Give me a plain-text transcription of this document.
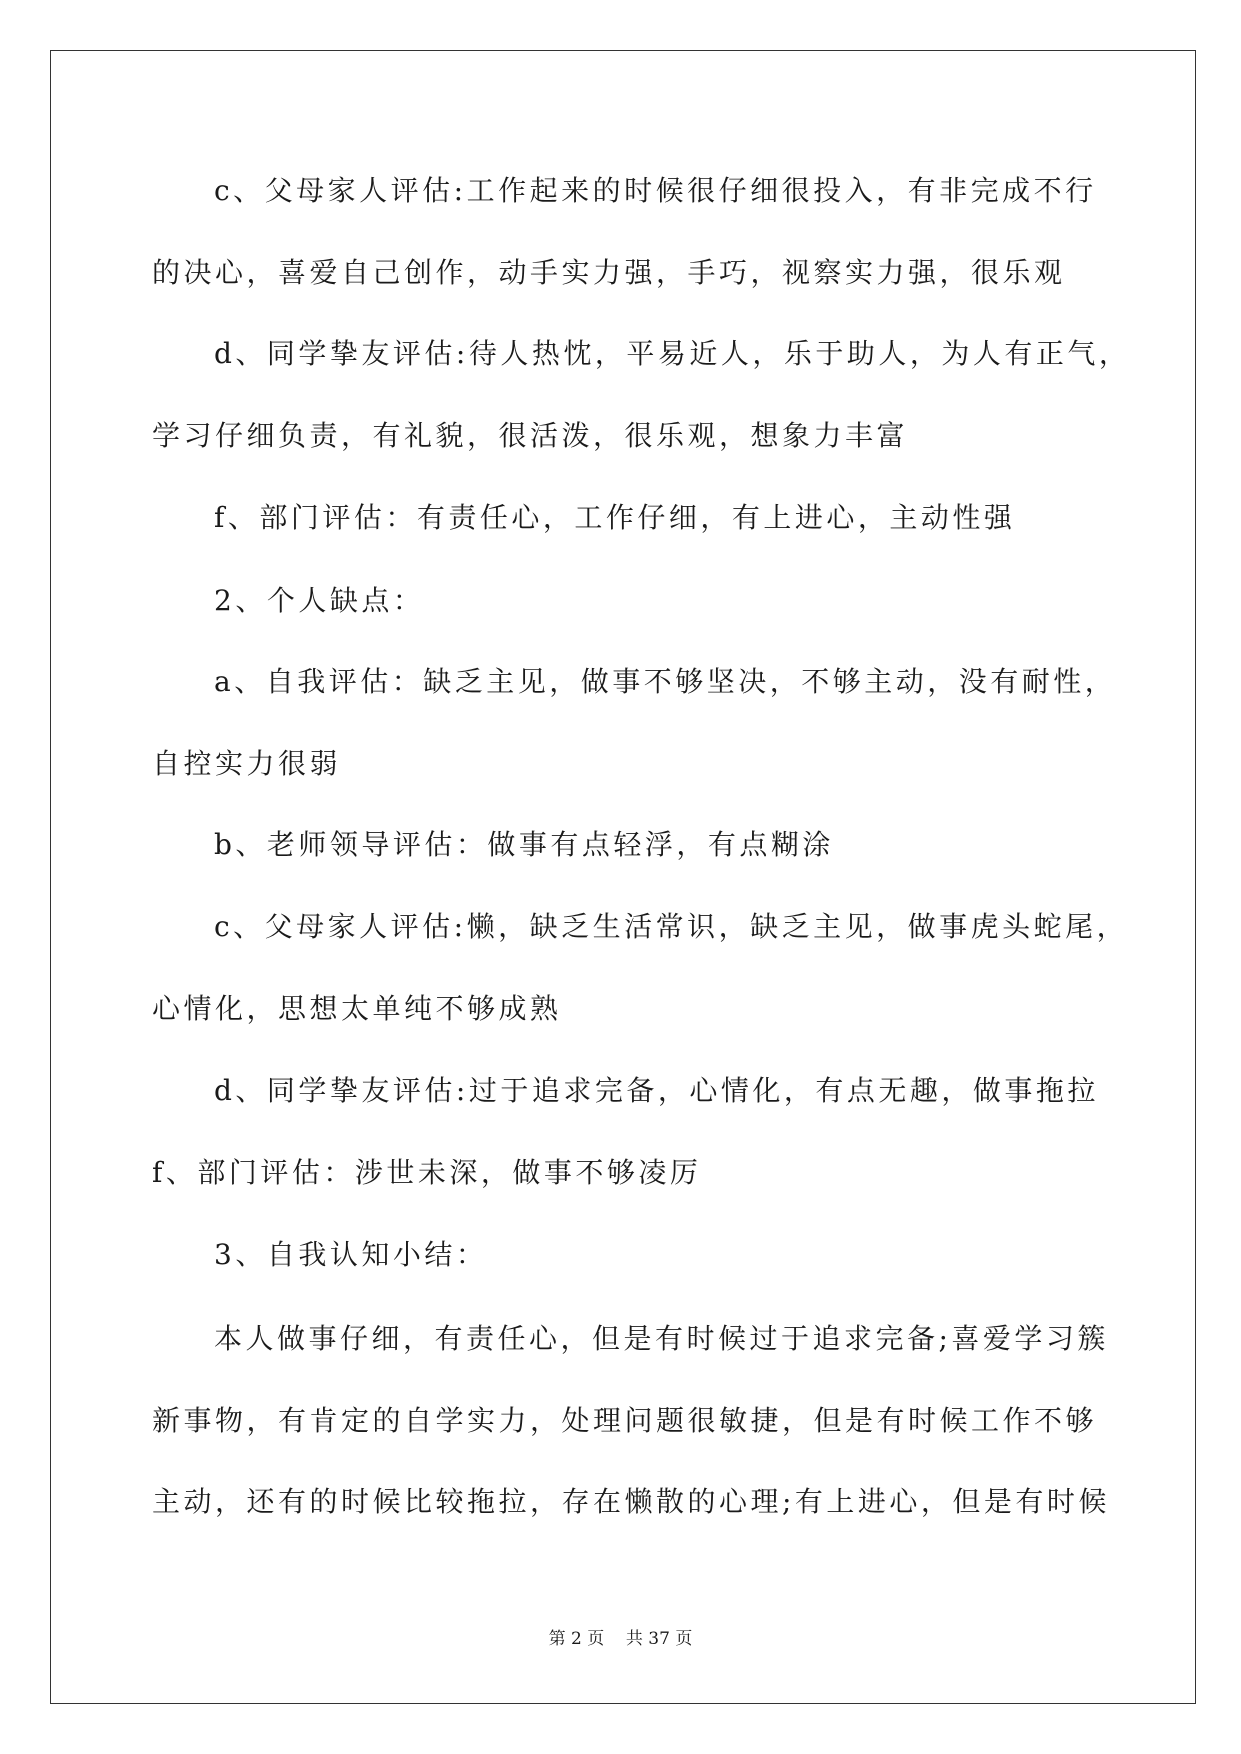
c、父母家人评估:工作起来的时候很仔细很投入，有非完成不行
的决心，喜爱自己创作，动手实力强，手巧，视察实力强，很乐观
d、同学挚友评估:待人热忱，平易近人，乐于助人，为人有正气，
学习仔细负责，有礼貌，很活泼，很乐观，想象力丰富
f、部门评估：有责任心，工作仔细，有上进心，主动性强
2、个人缺点：
a、自我评估：缺乏主见，做事不够坚决，不够主动，没有耐性，
自控实力很弱
b、老师领导评估：做事有点轻浮，有点糊涂
c、父母家人评估:懒，缺乏生活常识，缺乏主见，做事虎头蛇尾，
心情化，思想太单纯不够成熟
d、同学挚友评估:过于追求完备，心情化，有点无趣，做事拖拉
f、部门评估：涉世未深，做事不够凌厉
3、自我认知小结：
本人做事仔细，有责任心，但是有时候过于追求完备;喜爱学习簇
新事物，有肯定的自学实力，处理问题很敏捷，但是有时候工作不够
主动，还有的时候比较拖拉，存在懒散的心理;有上进心，但是有时候
第 2 页 共 37 页
